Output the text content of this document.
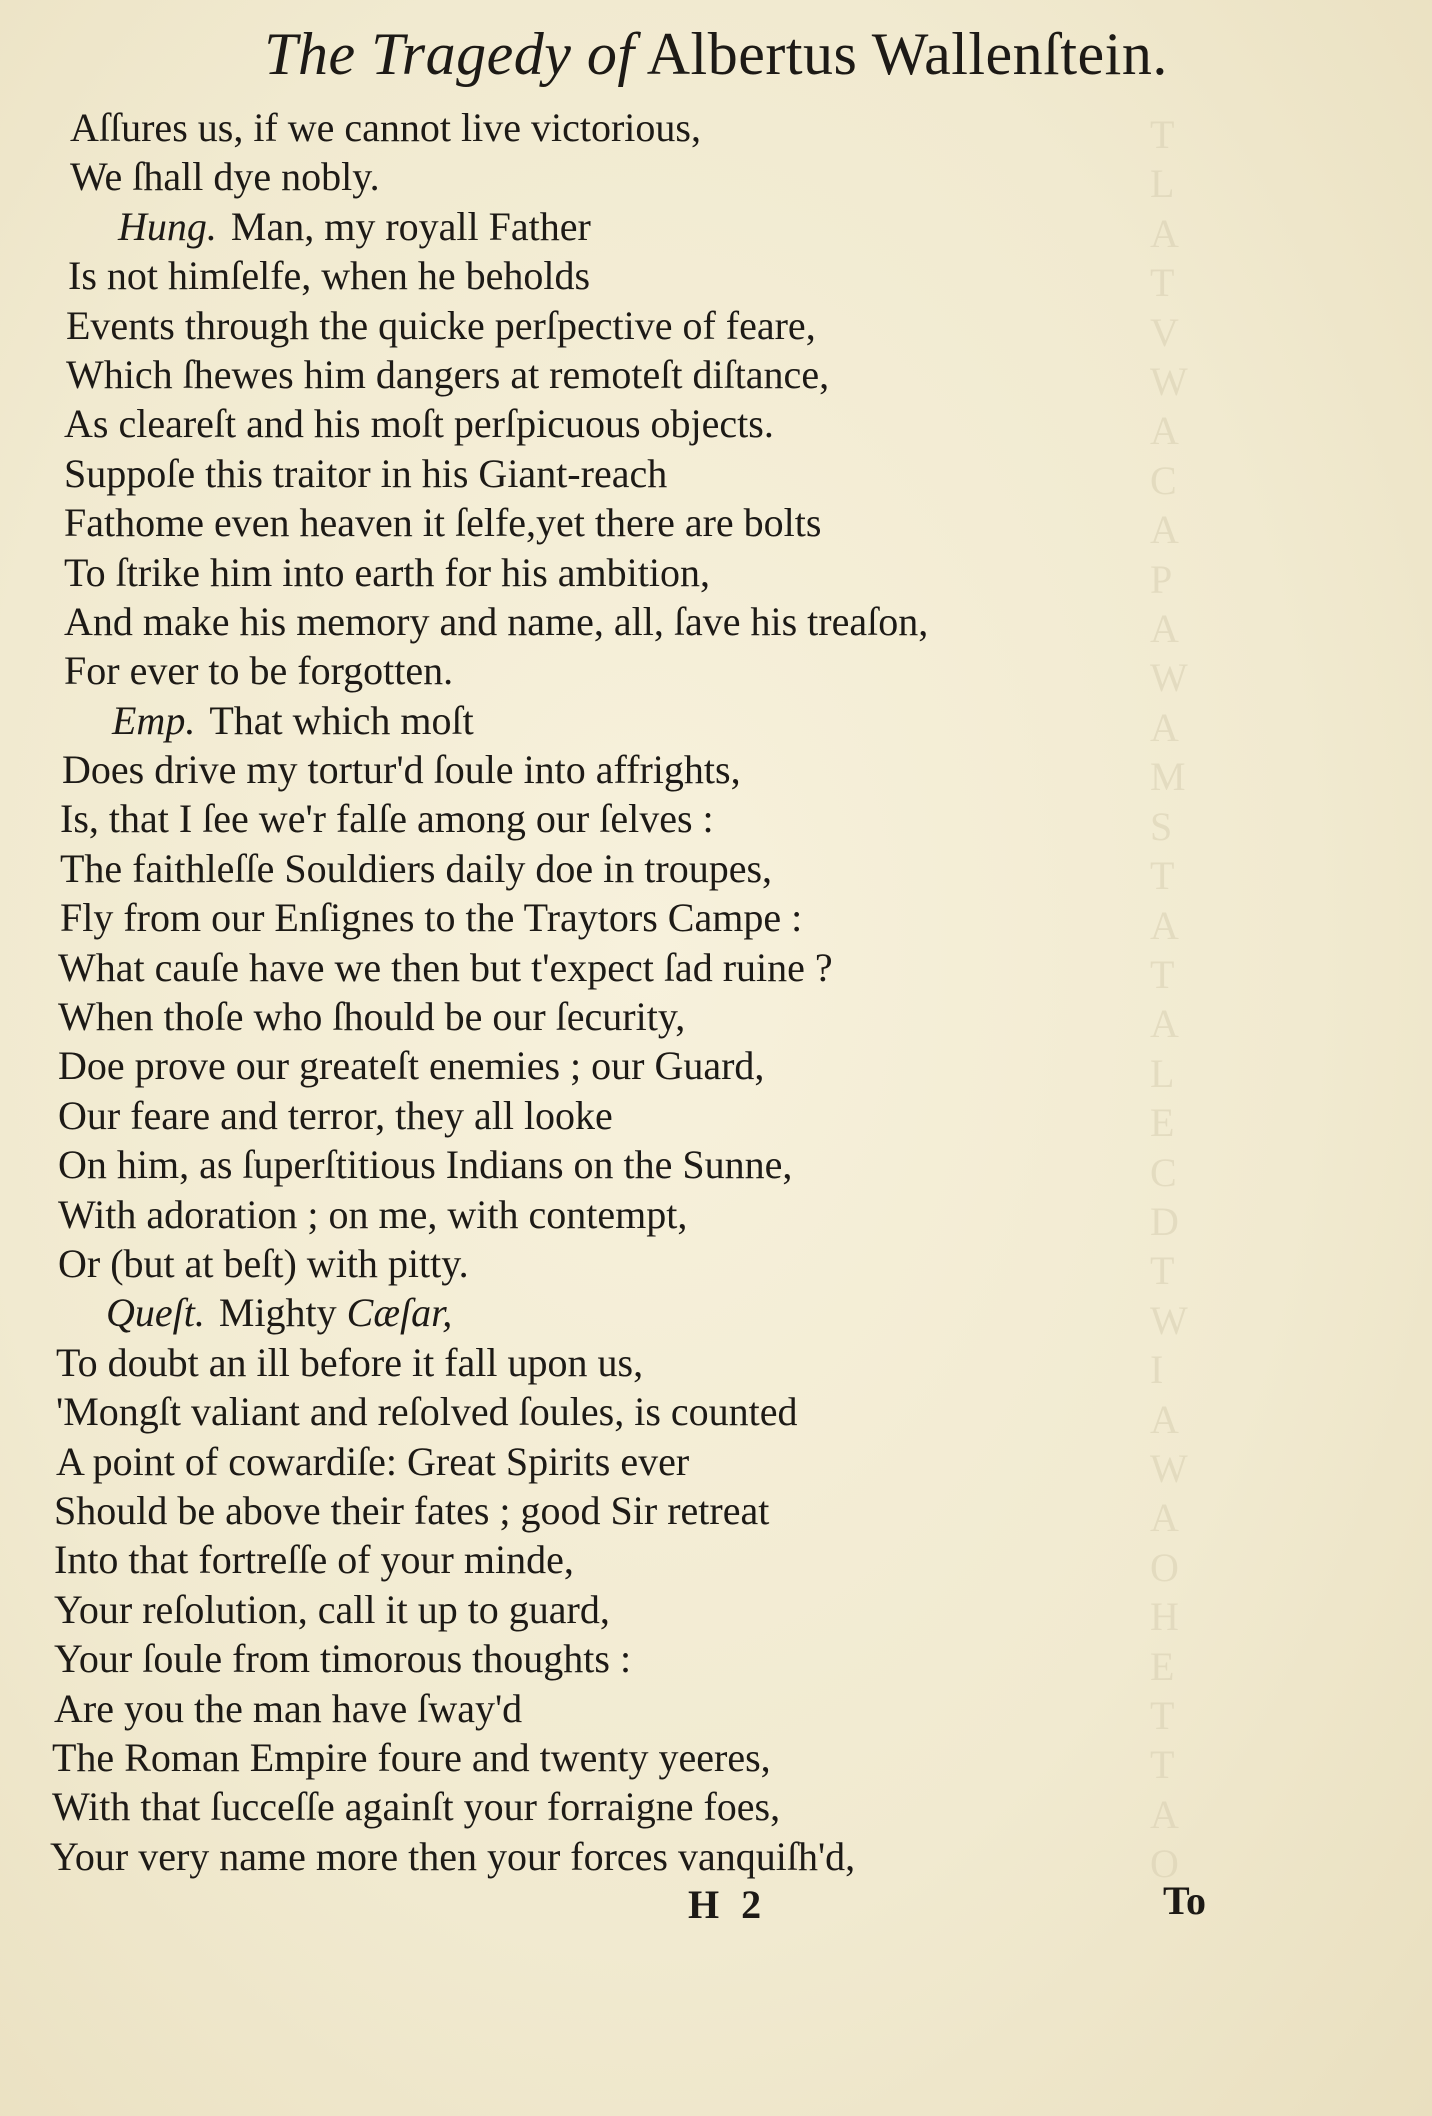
T
L
A
T
V
W
A
C
A
P
A
W
A
M
S
T
A
T
A
L
E
C
D
T
W
I
A
W
A
O
H
E
T
T
A
O
The Tragedy of Albertus Wallenſtein.
Aſſures us, if we cannot live victorious,
We ſhall dye nobly.
Hung. Man, my royall Father
Is not himſelfe, when he beholds
Events through the quicke perſpective of feare,
Which ſhewes him dangers at remoteſt diſtance,
As cleareſt and his moſt perſpicuous objects.
Suppoſe this traitor in his Giant-reach
Fathome even heaven it ſelfe,yet there are bolts
To ſtrike him into earth for his ambition,
And make his memory and name, all, ſave his treaſon,
For ever to be forgotten.
Emp. That which moſt
Does drive my tortur'd ſoule into affrights,
Is, that I ſee we'r falſe among our ſelves :
The faithleſſe Souldiers daily doe in troupes,
Fly from our Enſignes to the Traytors Campe :
What cauſe have we then but t'expect ſad ruine ?
When thoſe who ſhould be our ſecurity,
Doe prove our greateſt enemies ; our Guard,
Our feare and terror, they all looke
On him, as ſuperſtitious Indians on the Sunne,
With adoration ; on me, with contempt,
Or (but at beſt) with pitty.
Queſt. Mighty Cæſar,
To doubt an ill before it fall upon us,
'Mongſt valiant and reſolved ſoules, is counted
A point of cowardiſe: Great Spirits ever
Should be above their fates ; good Sir retreat
Into that fortreſſe of your minde,
Your reſolution, call it up to guard,
Your ſoule from timorous thoughts :
Are you the man have ſway'd
The Roman Empire foure and twenty yeeres,
With that ſucceſſe againſt your forraigne foes,
Your very name more then your forces vanquiſh'd,
H 2	To
